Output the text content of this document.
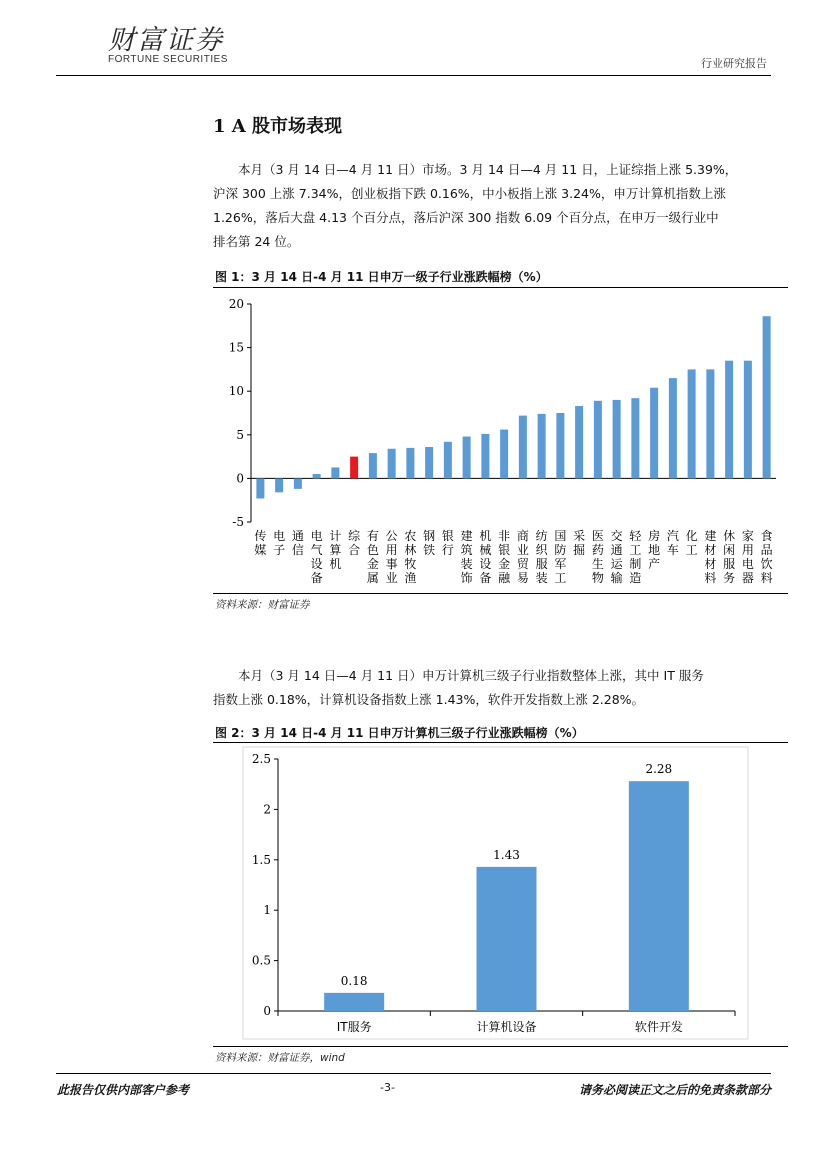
财富证券
FORTUNE SECURITIES	行业研究报告
1 A 股市场表现
本月（3 月 14 日—4 月 11 日）市场。3 月 14 日—4 月 11 日，上证综指上涨 5.39%，
沪深 300 上涨 7.34%，创业板指下跌 0.16%，中小板指上涨 3.24%，申万计算机指数上涨
1.26%，落后大盘 4.13 个百分点，落后沪深 300 指数 6.09 个百分点，在申万一级行业中
排名第 24 位。
图 1：3 月 14 日-4 月 11 日申万一级子行业涨跌幅榜（%）
-5
0
5
10
15
20
传
媒
电
子
通
信
电
气
设
备
计
算
机
综
合
有
色
金
属
公
用
事
业
农
林
牧
渔
钢
铁
银
行
建
筑
装
饰
机
械
设
备
非
银
金
融
商
业
贸
易
纺
织
服
装
国
防
军
工
采
掘
医
药
生
物
交
通
运
输
轻
工
制
造
房
地
产
汽
车
化
工
建
材
材
料
休
闲
服
务
家
用
电
器
食
品
饮
料
资料来源：财富证券
本月（3 月 14 日—4 月 11 日）申万计算机三级子行业指数整体上涨，其中 IT 服务
指数上涨 0.18%，计算机设备指数上涨 1.43%，软件开发指数上涨 2.28%。
图 2：3 月 14 日-4 月 11 日申万计算机三级子行业涨跌幅榜（%）
0
0.5
1
1.5
2
2.5
0.18
IT服务
1.43
计算机设备
2.28
软件开发
资料来源：财富证券，wind
此报告仅供内部客户参考	-3-	请务必阅读正文之后的免责条款部分
